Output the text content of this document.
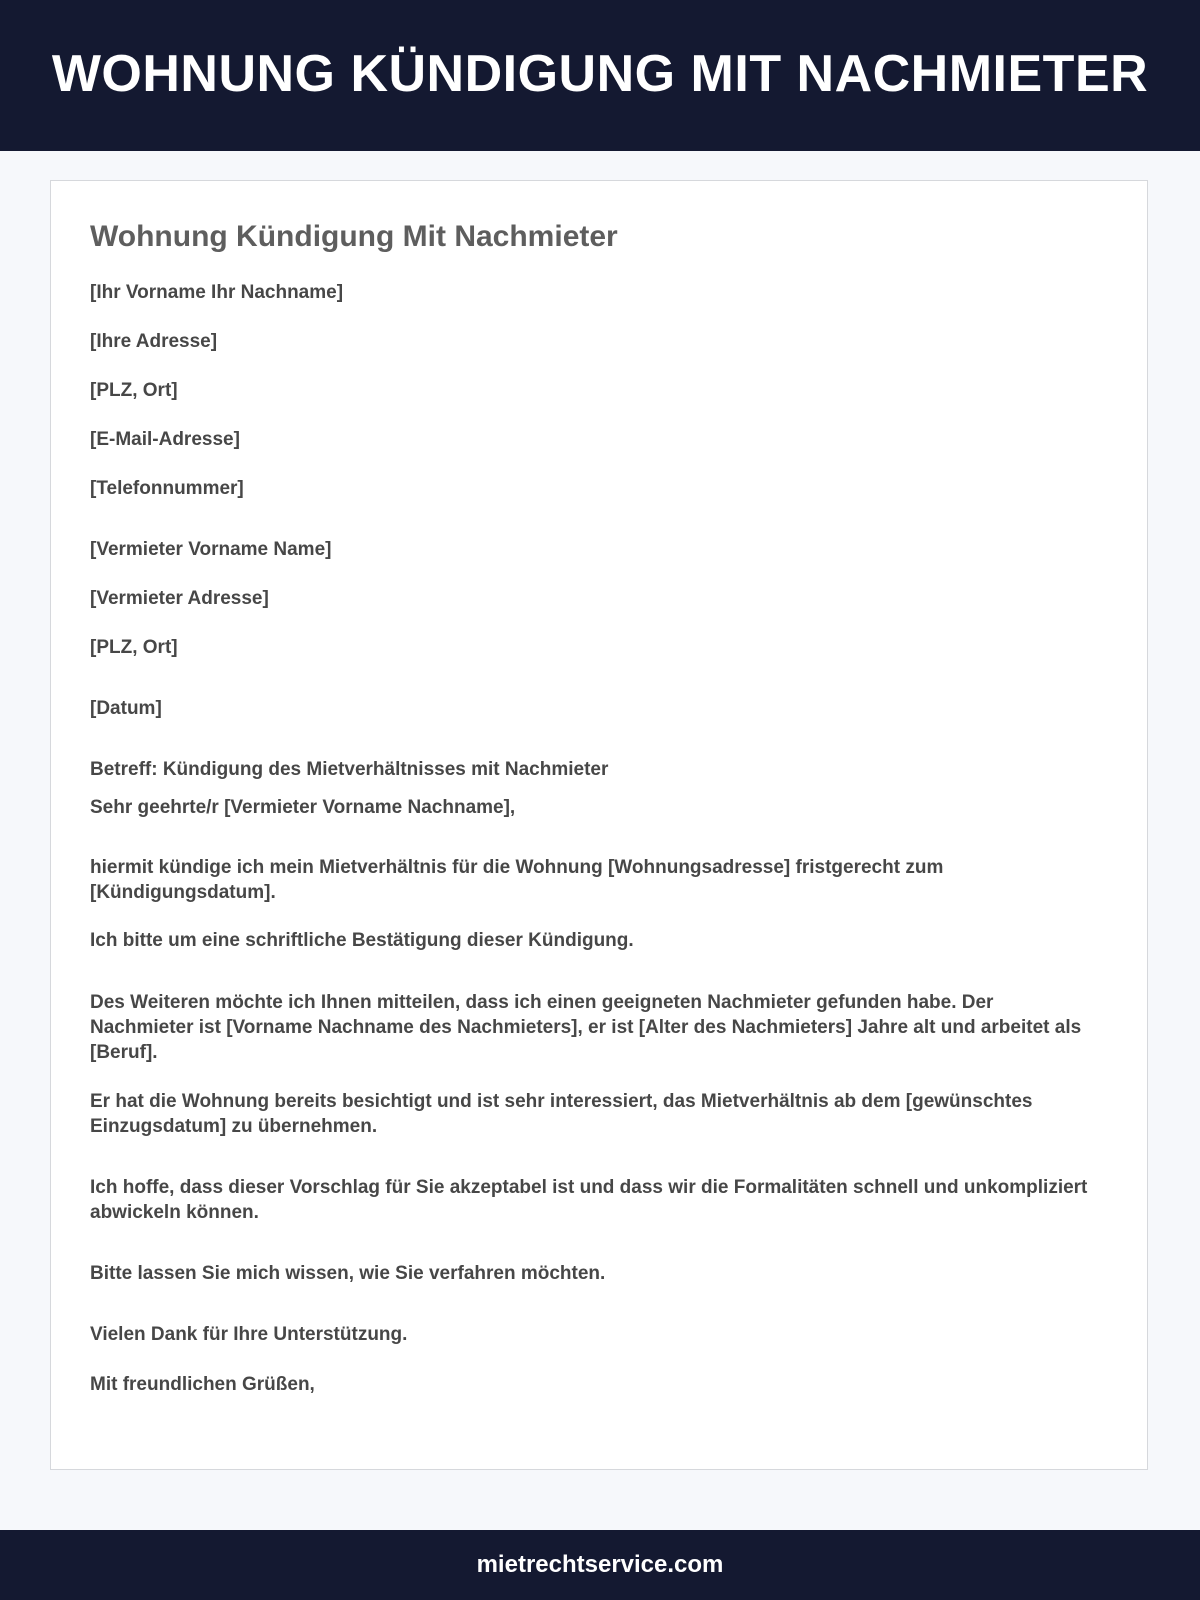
WOHNUNG KÜNDIGUNG MIT NACHMIETER
Wohnung Kündigung Mit Nachmieter

[Ihr Vorname Ihr Nachname]

[Ihre Adresse]

[PLZ, Ort]

[E-Mail-Adresse]

[Telefonnummer]

[Vermieter Vorname Name]

[Vermieter Adresse]

[PLZ, Ort]

[Datum]

Betreff: Kündigung des Mietverhältnisses mit Nachmieter

Sehr geehrte/r [Vermieter Vorname Nachname],

hiermit kündige ich mein Mietverhältnis für die Wohnung [Wohnungsadresse] fristgerecht zum [Kündigungsdatum].

Ich bitte um eine schriftliche Bestätigung dieser Kündigung.

Des Weiteren möchte ich Ihnen mitteilen, dass ich einen geeigneten Nachmieter gefunden habe. Der Nachmieter ist [Vorname Nachname des Nachmieters], er ist [Alter des Nachmieters] Jahre alt und arbeitet als [Beruf].

Er hat die Wohnung bereits besichtigt und ist sehr interessiert, das Mietverhältnis ab dem [gewünschtes Einzugsdatum] zu übernehmen.

Ich hoffe, dass dieser Vorschlag für Sie akzeptabel ist und dass wir die Formalitäten schnell und unkompliziert abwickeln können.

Bitte lassen Sie mich wissen, wie Sie verfahren möchten.

Vielen Dank für Ihre Unterstützung.

Mit freundlichen Grüßen,

mietrechtservice.com
